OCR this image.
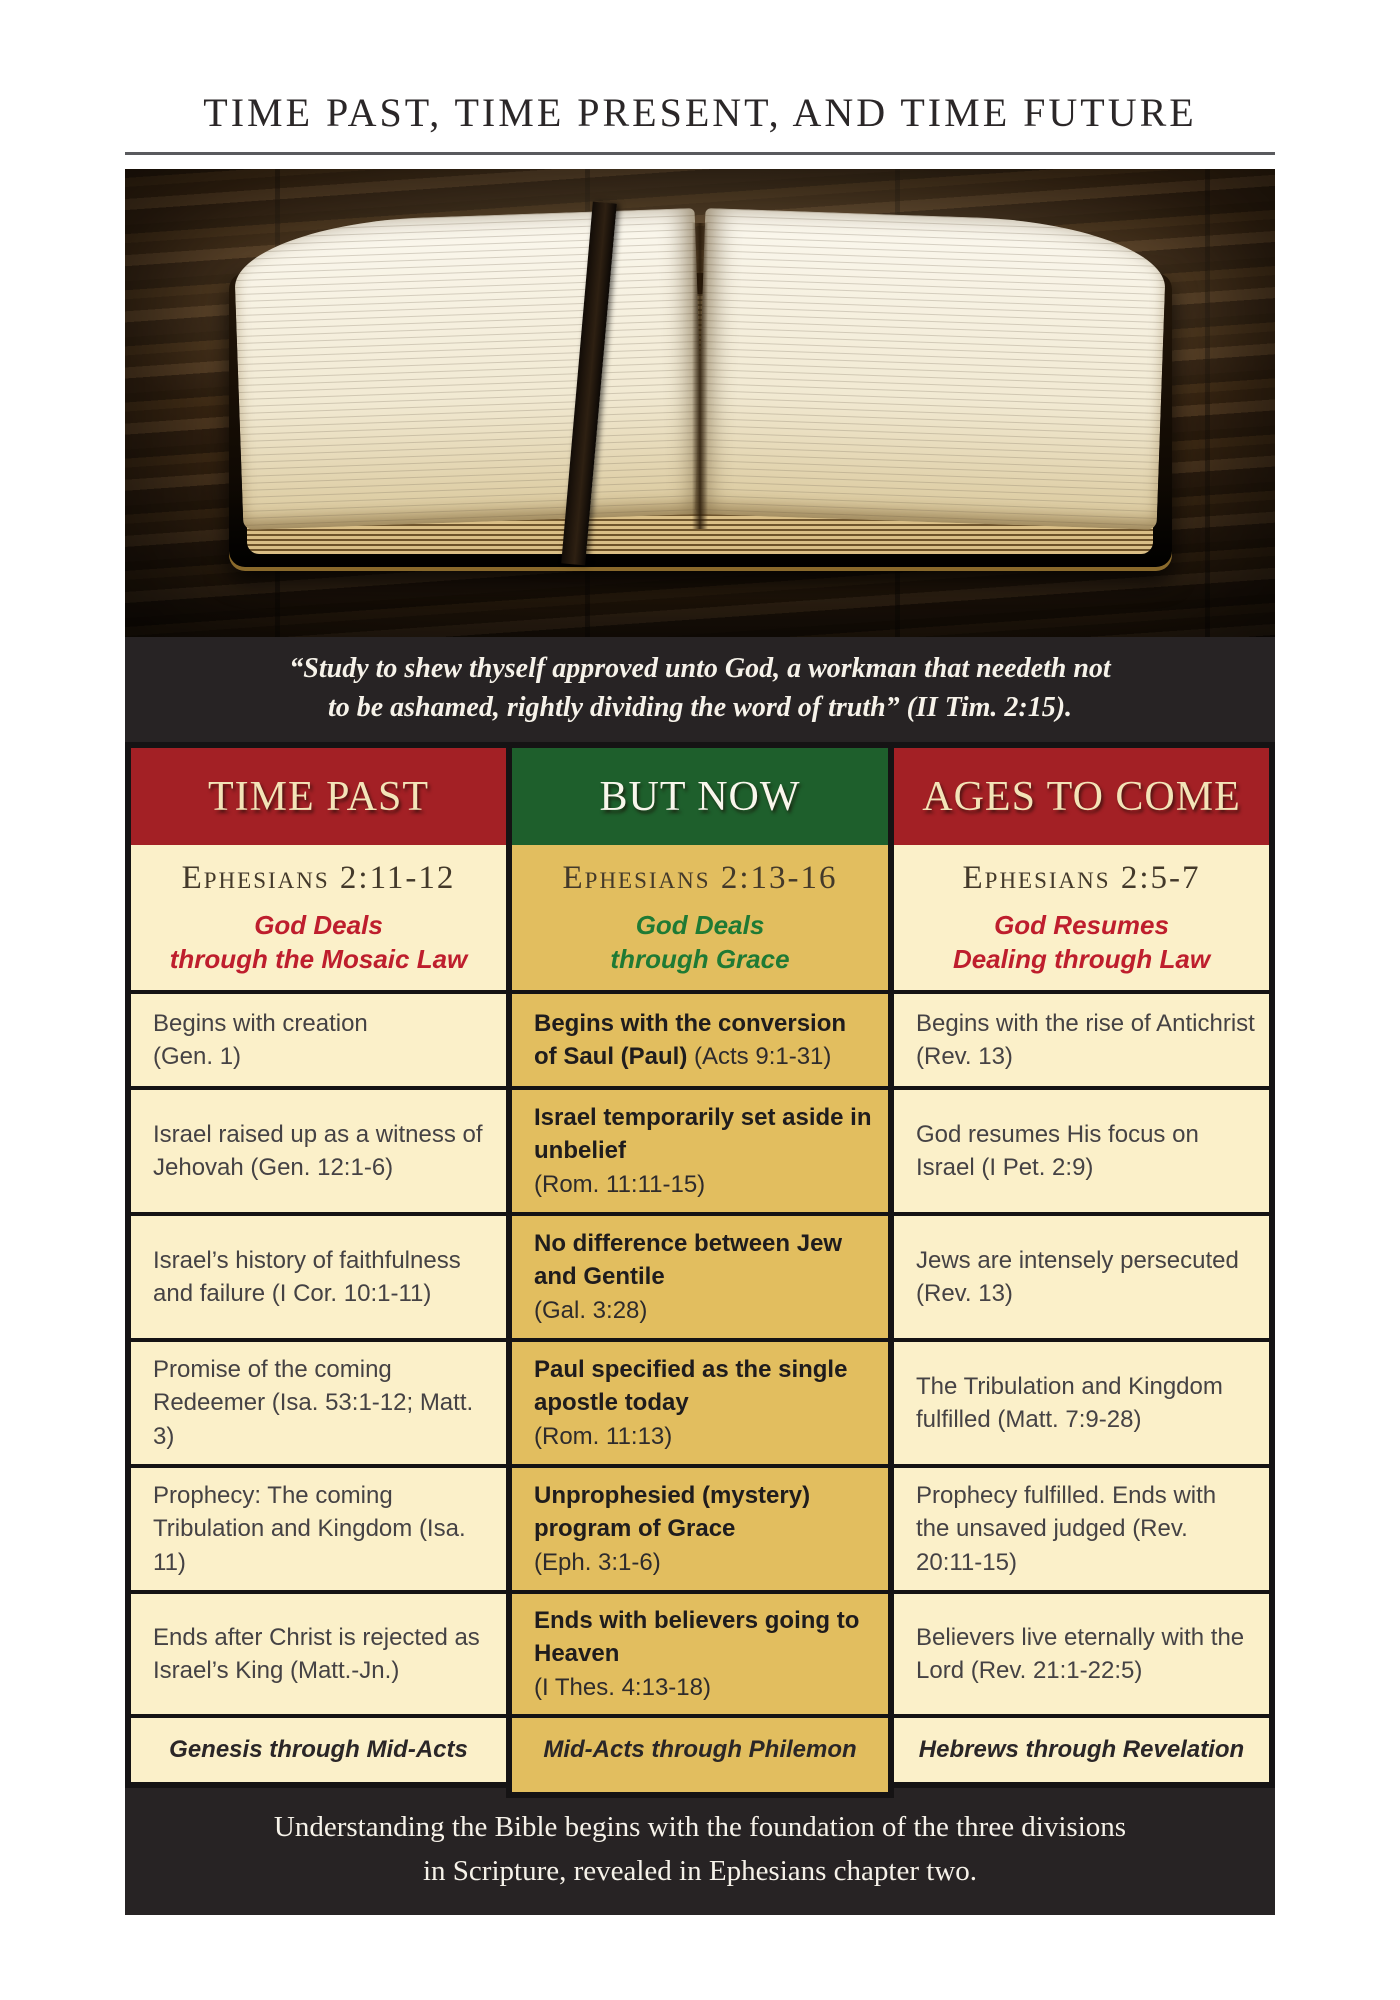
TIME PAST, TIME PRESENT, AND TIME FUTURE
“Study to shew thyself approved unto God, a workman that needeth not
to be ashamed, rightly dividing the word of truth” (II Tim. 2:15).
TIME PAST
Ephesians 2:11-12
God Deals
through the Mosaic Law
Begins with creation
(Gen. 1)
Israel raised up as a witness of Jehovah (Gen. 12:1-6)
Israel’s history of faithfulness and failure (I Cor. 10:1-11)
Promise of the coming Redeemer (Isa. 53:1-12; Matt. 3)
Prophecy: The coming Tribulation and Kingdom (Isa. 11)
Ends after Christ is rejected as Israel’s King (Matt.-Jn.)
Genesis through Mid-Acts
BUT NOW
Ephesians 2:13-16
God Deals
through Grace
Begins with the conversion of Saul (Paul) (Acts 9:1-31)
Israel temporarily set aside in unbelief
(Rom. 11:11-15)
No difference between Jew and Gentile
(Gal. 3:28)
Paul specified as the single apostle today
(Rom. 11:13)
Unprophesied (mystery) program of Grace
(Eph. 3:1-6)
Ends with believers going to Heaven
(I Thes. 4:13-18)
Mid-Acts through Philemon
AGES TO COME
Ephesians 2:5-7
God Resumes
Dealing through Law
Begins with the rise of Antichrist (Rev. 13)
God resumes His focus on Israel (I Pet. 2:9)
Jews are intensely persecuted (Rev. 13)
The Tribulation and Kingdom fulfilled (Matt. 7:9-28)
Prophecy fulfilled. Ends with the unsaved judged (Rev. 20:11-15)
Believers live eternally with the Lord (Rev. 21:1-22:5)
Hebrews through Revelation
Understanding the Bible begins with the foundation of the three divisions
in Scripture, revealed in Ephesians chapter two.
